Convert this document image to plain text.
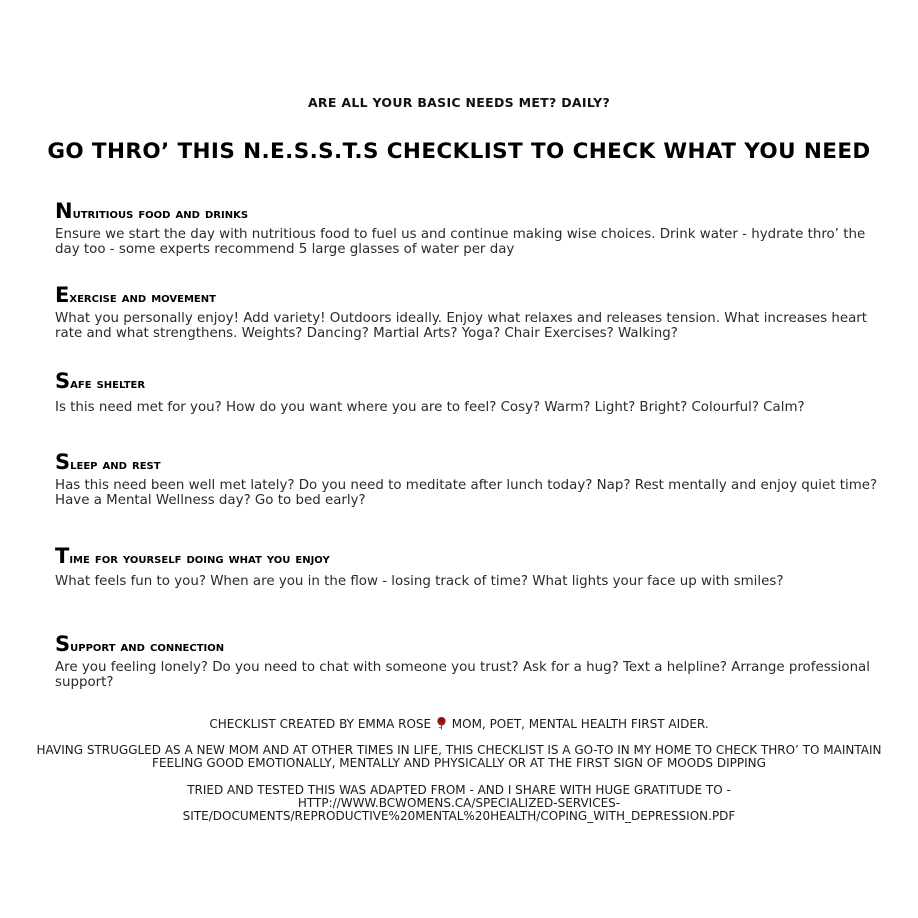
ARE ALL YOUR BASIC NEEDS MET? DAILY?
GO THRO’ THIS N.E.S.S.T.S CHECKLIST TO CHECK WHAT YOU NEED
Nutritious food and drinks
Ensure we start the day with nutritious food to fuel us and continue making wise choices. Drink water - hydrate thro’ the day too - some experts recommend 5 large glasses of water per day
Exercise and movement
What you personally enjoy! Add variety! Outdoors ideally. Enjoy what relaxes and releases tension. What increases heart rate and what strengthens. Weights? Dancing? Martial Arts? Yoga? Chair Exercises? Walking?
Safe shelter
Is this need met for you? How do you want where you are to feel? Cosy? Warm? Light? Bright? Colourful? Calm?
Sleep and rest
Has this need been well met lately? Do you need to meditate after lunch today? Nap? Rest mentally and enjoy quiet time? Have a Mental Wellness day? Go to bed early?
Time for yourself doing what you enjoy
What feels fun to you? When are you in the flow - losing track of time? What lights your face up with smiles?
Support and connection
Are you feeling lonely? Do you need to chat with someone you trust? Ask for a hug? Text a helpline? Arrange professional support?
CHECKLIST CREATED BY EMMA ROSE MOM, POET, MENTAL HEALTH FIRST AIDER.
HAVING STRUGGLED AS A NEW MOM AND AT OTHER TIMES IN LIFE, THIS CHECKLIST IS A GO-TO IN MY HOME TO CHECK THRO’ TO MAINTAIN FEELING GOOD EMOTIONALLY, MENTALLY AND PHYSICALLY OR AT THE FIRST SIGN OF MOODS DIPPING
TRIED AND TESTED THIS WAS ADAPTED FROM - AND I SHARE WITH HUGE GRATITUDE TO -
HTTP://WWW.BCWOMENS.CA/SPECIALIZED-SERVICES-
SITE/DOCUMENTS/REPRODUCTIVE%20MENTAL%20HEALTH/COPING_WITH_DEPRESSION.PDF
